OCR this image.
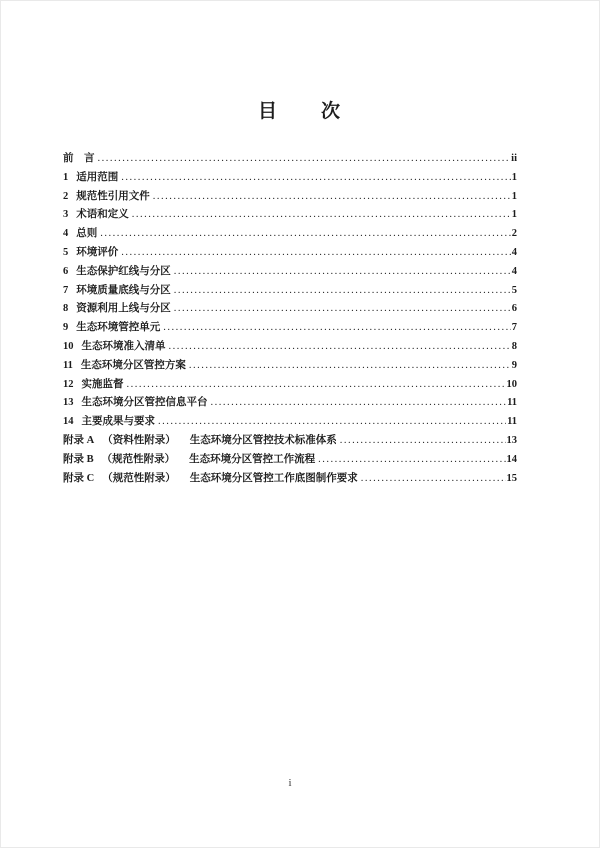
目　　次
前　言 .....	ii
1 适用范围 .....	1
2 规范性引用文件 .....	1
3 术语和定义 .....	1
4 总则 .....	2
5 环境评价 .....	4
6 生态保护红线与分区 .....	4
7 环境质量底线与分区 .....	5
8 资源利用上线与分区 .....	6
9 生态环境管控单元 .....	7
10 生态环境准入清单 .....	8
11 生态环境分区管控方案 .....	9
12 实施监督 .....	10
13 生态环境分区管控信息平台 .....	11
14 主要成果与要求 .....	11
附录 A （资料性附录） 生态环境分区管控技术标准体系 .....	13
附录 B （规范性附录） 生态环境分区管控工作流程 .....	14
附录 C （规范性附录） 生态环境分区管控工作底图制作要求 .....	15
i
